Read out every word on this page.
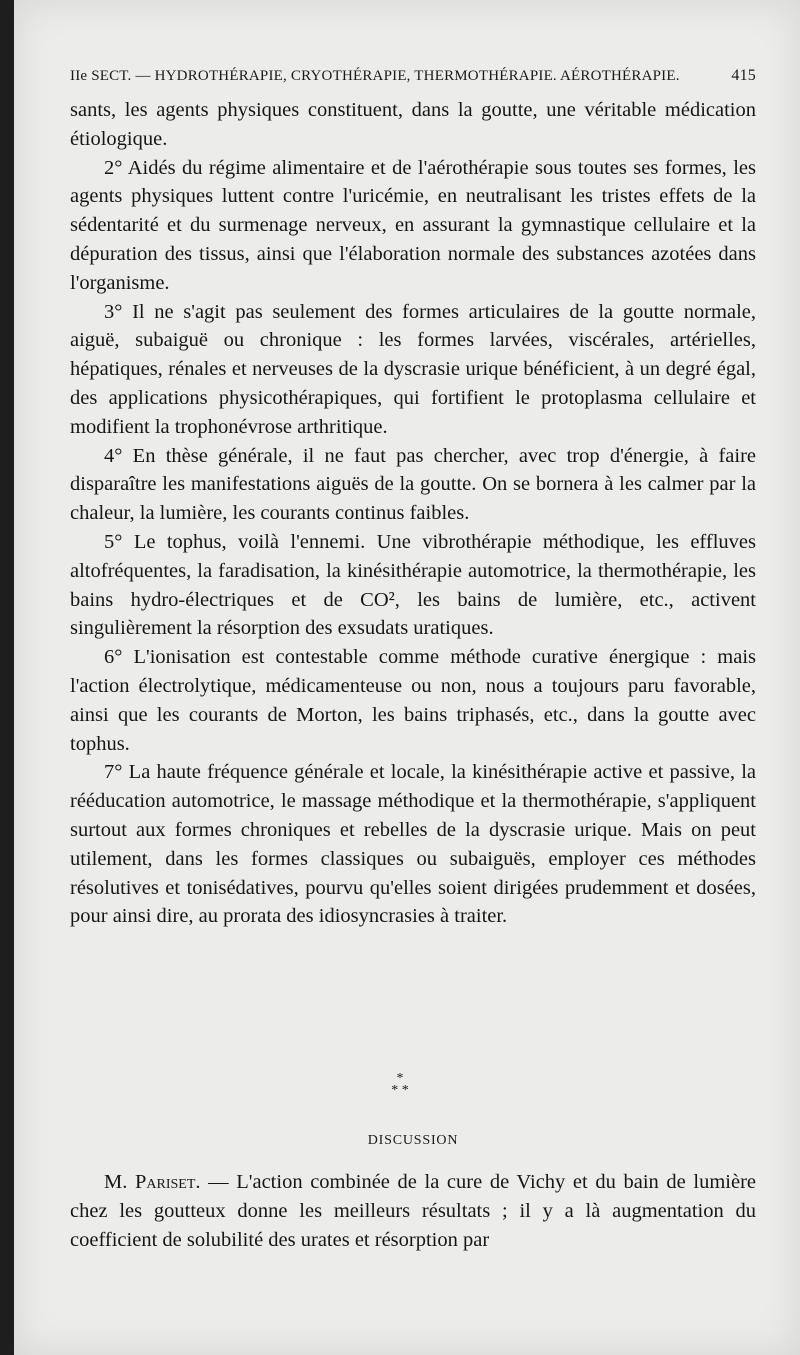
IIe SECT. — HYDROTHÉRAPIE, CRYOTHÉRAPIE, THERMOTHÉRAPIE. AÉROTHÉRAPIE.	415

sants, les agents physiques constituent, dans la goutte, une véritable médication étiologique.

2° Aidés du régime alimentaire et de l'aérothérapie sous toutes ses formes, les agents physiques luttent contre l'uricémie, en neutralisant les tristes effets de la sédentarité et du surmenage nerveux, en assurant la gymnastique cellulaire et la dépuration des tissus, ainsi que l'élaboration normale des substances azotées dans l'organisme.

3° Il ne s'agit pas seulement des formes articulaires de la goutte normale, aiguë, subaiguë ou chronique : les formes larvées, viscérales, artérielles, hépatiques, rénales et nerveuses de la dyscrasie urique bénéficient, à un degré égal, des applications physicothérapiques, qui fortifient le protoplasma cellulaire et modifient la trophonévrose arthritique.

4° En thèse générale, il ne faut pas chercher, avec trop d'énergie, à faire disparaître les manifestations aiguës de la goutte. On se bornera à les calmer par la chaleur, la lumière, les courants continus faibles.

5° Le tophus, voilà l'ennemi. Une vibrothérapie méthodique, les effluves altofréquentes, la faradisation, la kinésithérapie automotrice, la thermothérapie, les bains hydro-électriques et de CO², les bains de lumière, etc., activent singulièrement la résorption des exsudats uratiques.

6° L'ionisation est contestable comme méthode curative énergique : mais l'action électrolytique, médicamenteuse ou non, nous a toujours paru favorable, ainsi que les courants de Morton, les bains triphasés, etc., dans la goutte avec tophus.

7° La haute fréquence générale et locale, la kinésithérapie active et passive, la rééducation automotrice, le massage méthodique et la thermothérapie, s'appliquent surtout aux formes chroniques et rebelles de la dyscrasie urique. Mais on peut utilement, dans les formes classiques ou subaiguës, employer ces méthodes résolutives et tonisédatives, pourvu qu'elles soient dirigées prudemment et dosées, pour ainsi dire, au prorata des idiosyncrasies à traiter.

*
* *
DISCUSSION

M. Pariset. — L'action combinée de la cure de Vichy et du bain de lumière chez les goutteux donne les meilleurs résultats ; il y a là augmentation du coefficient de solubilité des urates et résorption par
